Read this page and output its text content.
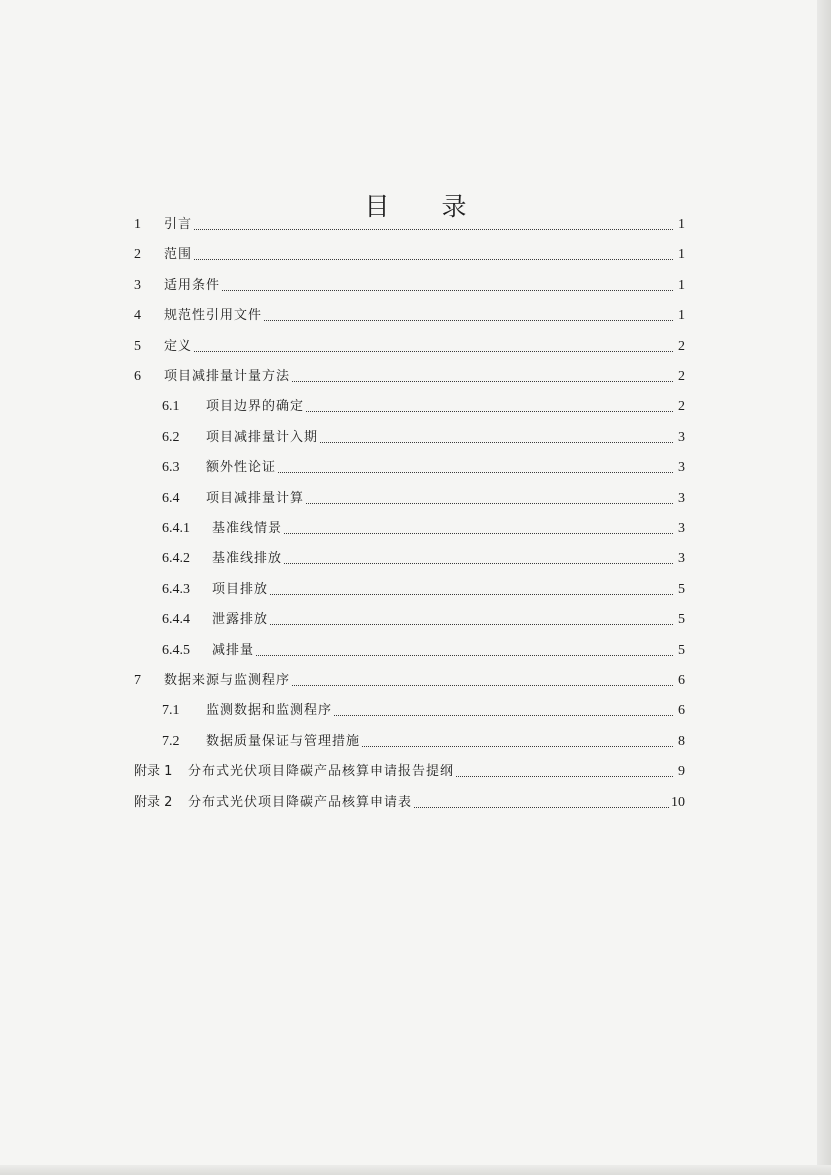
目 录
1	引言	1
2	范围	1
3	适用条件	1
4	规范性引用文件	1
5	定义	2
6	项目减排量计量方法	2
6.1	项目边界的确定	2
6.2	项目减排量计入期	3
6.3	额外性论证	3
6.4	项目减排量计算	3
6.4.1	基准线情景	3
6.4.2	基准线排放	3
6.4.3	项目排放	5
6.4.4	泄露排放	5
6.4.5	减排量	5
7	数据来源与监测程序	6
7.1	监测数据和监测程序	6
7.2	数据质量保证与管理措施	8
附录 1	分布式光伏项目降碳产品核算申请报告提纲	9
附录 2	分布式光伏项目降碳产品核算申请表	10
